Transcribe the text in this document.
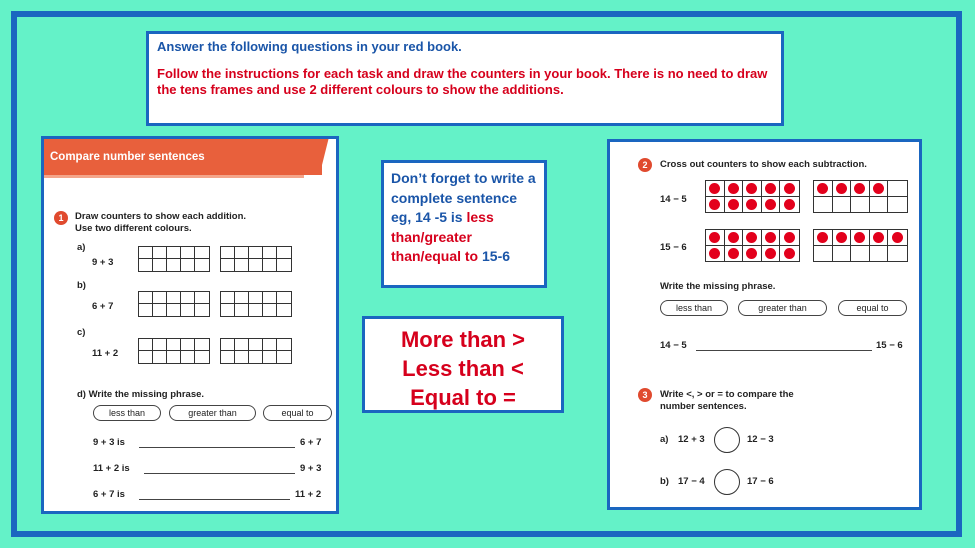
Answer the following questions in your red book.
Follow the instructions for each task and draw the counters in your book. There is no need to draw the tens frames and use 2 different colours to show the additions.
Don’t forget to write a complete sentence eg, 14 -5 is less than/greater than/equal to 15-6
More than >
Less than <
Equal to =
Compare number sentences
1	Draw counters to show each addition.
Use two different colours.
a)
9 + 3
b)
6 + 7
c)
11 + 2
d) Write the missing phrase.
less than	greater than	equal to
9 + 3 is	6 + 7
11 + 2 is	9 + 3
6 + 7 is	11 + 2
2	Cross out counters to show each subtraction.
14 − 5
15 − 6
Write the missing phrase.
less than	greater than	equal to
14 − 5	15 − 6
3	Write <, > or = to compare the
number sentences.
a) 12 + 3	12 − 3
b) 17 − 4	17 − 6
